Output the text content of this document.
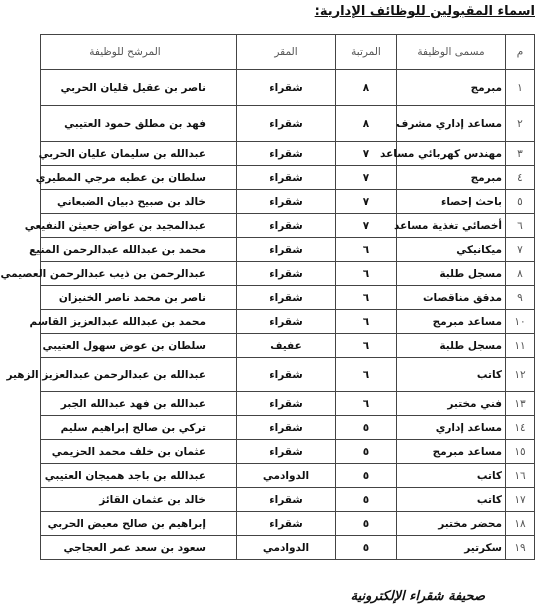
اسماء المقبولين للوظائف الإدارية:
م	مسمى الوظيفة	المرتبة	المقر	المرشح للوظيفة
١	مبرمج	٨	شقراء	ناصر بن عقيل قليان الحربي
٢	مساعد إداري مشرف	٨	شقراء	فهد بن مطلق حمود العتيبي
٣	مهندس كهربائي مساعد	٧	شقراء	عبدالله بن سليمان عليان الحربي
٤	مبرمج	٧	شقراء	سلطان بن عطيه مرجي المطيري
٥	باحث إحصاء	٧	شقراء	خالد بن صبيح دبيان الضبعاني
٦	أخصائي تغذية مساعد	٧	شقراء	عبدالمجيد بن عواض جعيثن النفيعي
٧	ميكانيكي	٦	شقراء	محمد بن عبدالله عبدالرحمن المنيع
٨	مسجل طلبة	٦	شقراء	عبدالرحمن بن ذيب عبدالرحمن العصيمي
٩	مدقق مناقصات	٦	شقراء	ناصر بن محمد ناصر الخنيزان
١٠	مساعد مبرمج	٦	شقراء	محمد بن عبدالله عبدالعزيز القاسم
١١	مسجل طلبة	٦	عفيف	سلطان بن عوض سهول العتيبي
١٢	كاتب	٦	شقراء	عبدالله بن عبدالرحمن عبدالعزيز الزهير
١٣	فني مختبر	٦	شقراء	عبدالله بن فهد عبدالله الجبر
١٤	مساعد إداري	٥	شقراء	تركي بن صالح إبراهيم سليم
١٥	مساعد مبرمج	٥	شقراء	عثمان بن خلف محمد الحزيمي
١٦	كاتب	٥	الدوادمي	عبدالله بن باجد هميجان العتيبي
١٧	كاتب	٥	شقراء	خالد بن عثمان القائز
١٨	محضر مختبر	٥	شقراء	إبراهيم بن صالح معيض الحربي
١٩	سكرتير	٥	الدوادمي	سعود بن سعد عمر العجاجي
صحيفة شقراء الإلكترونية
